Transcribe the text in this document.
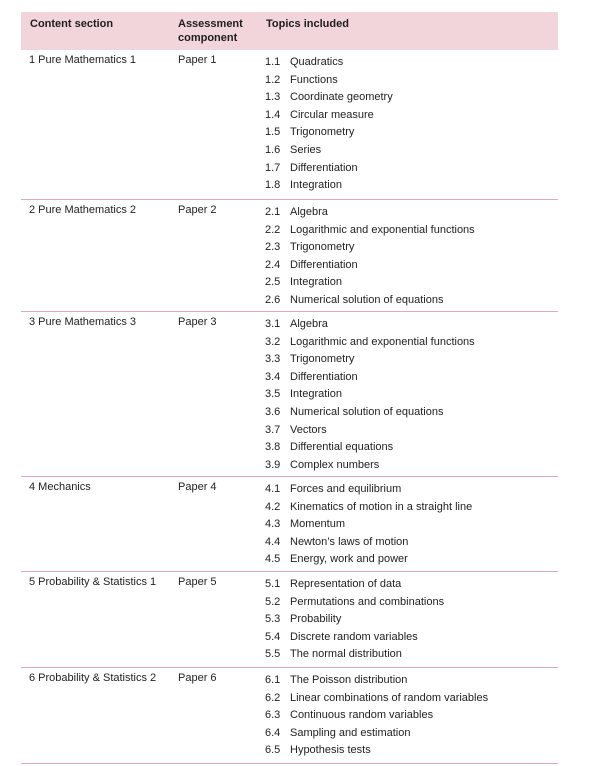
Content section	Assessment
component
Topics included
1 Pure Mathematics 1	Paper 1	1.1 Quadratics
1.2 Functions
1.3 Coordinate geometry
1.4 Circular measure
1.5 Trigonometry
1.6 Series
1.7 Differentiation
1.8 Integration
2 Pure Mathematics 2	Paper 2	2.1 Algebra
2.2 Logarithmic and exponential functions
2.3 Trigonometry
2.4 Differentiation
2.5 Integration
2.6 Numerical solution of equations
3 Pure Mathematics 3	Paper 3	3.1 Algebra
3.2 Logarithmic and exponential functions
3.3 Trigonometry
3.4 Differentiation
3.5 Integration
3.6 Numerical solution of equations
3.7 Vectors
3.8 Differential equations
3.9 Complex numbers
4 Mechanics	Paper 4	4.1 Forces and equilibrium
4.2 Kinematics of motion in a straight line
4.3 Momentum
4.4 Newton’s laws of motion
4.5 Energy, work and power
5 Probability & Statistics 1 Paper 5	5.1 Representation of data
5.2 Permutations and combinations
5.3 Probability
5.4 Discrete random variables
5.5 The normal distribution
6 Probability & Statistics 2 Paper 6	6.1 The Poisson distribution
6.2 Linear combinations of random variables
6.3 Continuous random variables
6.4 Sampling and estimation
6.5 Hypothesis tests
